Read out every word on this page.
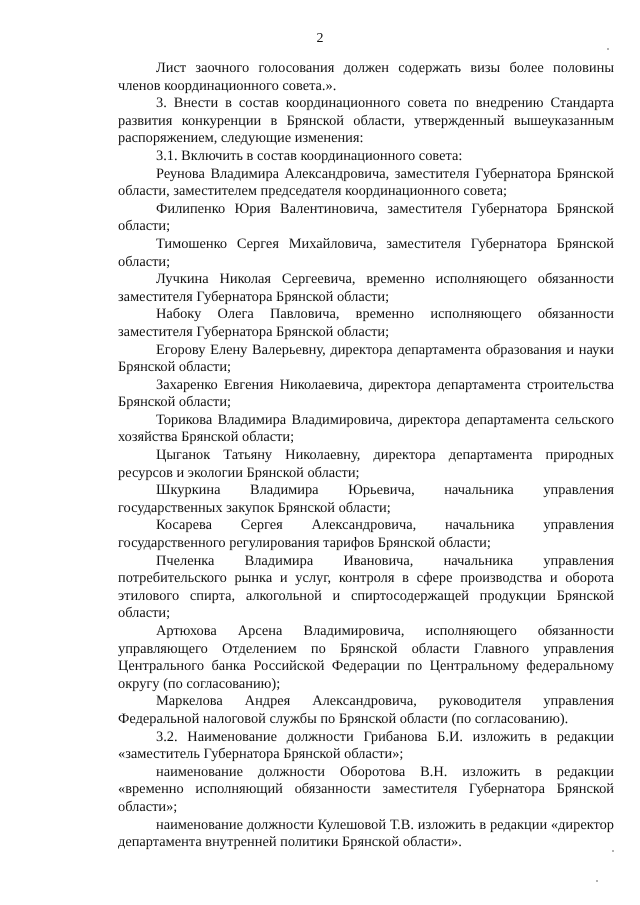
2

Лист заочного голосования должен содержать визы более половины членов координационного совета.».

3. Внести в состав координационного совета по внедрению Стандарта развития конкуренции в Брянской области, утвержденный вышеуказанным распоряжением, следующие изменения:

3.1. Включить в состав координационного совета:

Реунова Владимира Александровича, заместителя Губернатора Брянской области, заместителем председателя координационного совета;

Филипенко Юрия Валентиновича, заместителя Губернатора Брянской области;

Тимошенко Сергея Михайловича, заместителя Губернатора Брянской области;

Лучкина Николая Сергеевича, временно исполняющего обязанности заместителя Губернатора Брянской области;

Набоку Олега Павловича, временно исполняющего обязанности заместителя Губернатора Брянской области;

Егорову Елену Валерьевну, директора департамента образования и науки Брянской области;

Захаренко Евгения Николаевича, директора департамента строительства Брянской области;

Торикова Владимира Владимировича, директора департамента сельского хозяйства Брянской области;

Цыганок Татьяну Николаевну, директора департамента природных ресурсов и экологии Брянской области;

Шкуркина Владимира Юрьевича, начальника управления государственных закупок Брянской области;

Косарева Сергея Александровича, начальника управления государственного регулирования тарифов Брянской области;

Пчеленка Владимира Ивановича, начальника управления потребительского рынка и услуг, контроля в сфере производства и оборота этилового спирта, алкогольной и спиртосодержащей продукции Брянской области;

Артюхова Арсена Владимировича, исполняющего обязанности управляющего Отделением по Брянской области Главного управления Центрального банка Российской Федерации по Центральному федеральному округу (по согласованию);

Маркелова Андрея Александровича, руководителя управления Федеральной налоговой службы по Брянской области (по согласованию).

3.2. Наименование должности Грибанова Б.И. изложить в редакции «заместитель Губернатора Брянской области»;

наименование должности Оборотова В.Н. изложить в редакции «временно исполняющий обязанности заместителя Губернатора Брянской области»;

наименование должности Кулешовой Т.В. изложить в редакции «директор департамента внутренней политики Брянской области».
